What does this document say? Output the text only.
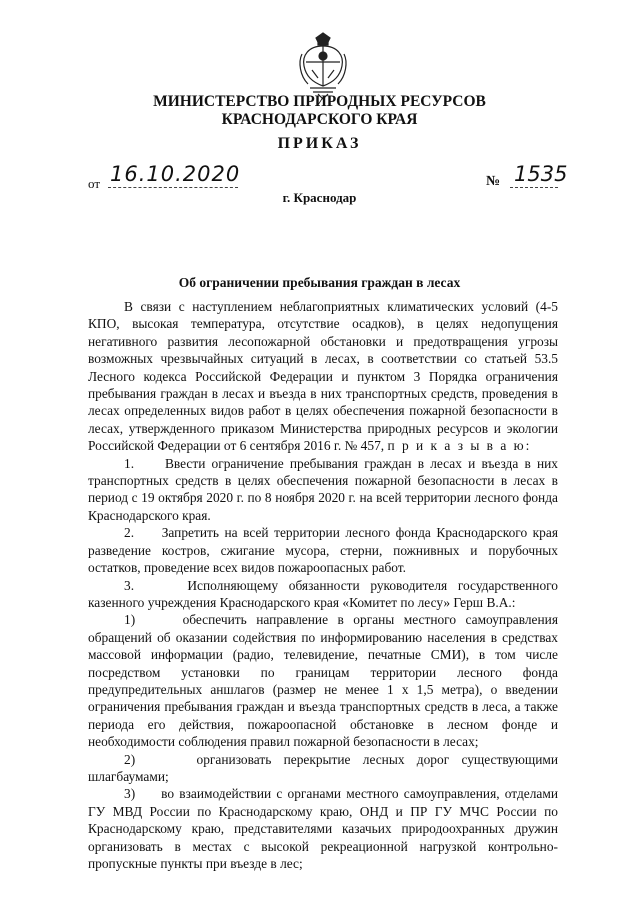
МИНИСТЕРСТВО ПРИРОДНЫХ РЕСУРСОВ
КРАСНОДАРСКОГО КРАЯ
ПРИКАЗ
от 16.10.2020	№ 1535
г. Краснодар
Об ограничении пребывания граждан в лесах

В связи с наступлением неблагоприятных климатических условий (4-5 КПО, высокая температура, отсутствие осадков), в целях недопущения негативного развития лесопожарной обстановки и предотвращения угрозы возможных чрезвычайных ситуаций в лесах, в соответствии со статьей 53.5 Лесного кодекса Российской Федерации и пунктом 3 Порядка ограничения пребывания граждан в лесах и въезда в них транспортных средств, проведения в лесах определенных видов работ в целях обеспечения пожарной безопасности в лесах, утвержденного приказом Министерства природных ресурсов и экологии Российской Федерации от 6 сентября 2016 г. № 457, п р и к а з ы в а ю:

1.     Ввести ограничение пребывания граждан в лесах и въезда в них транспортных средств в целях обеспечения пожарной безопасности в лесах в период с 19 октября 2020 г. по 8 ноября 2020 г. на всей территории лесного фонда Краснодарского края.

2.     Запретить на всей территории лесного фонда Краснодарского края разведение костров, сжигание мусора, стерни, пожнивных и порубочных остатков, проведение всех видов пожароопасных работ.

3.     Исполняющему обязанности руководителя государственного казенного учреждения Краснодарского края «Комитет по лесу» Герш В.А.:

1)     обеспечить направление в органы местного самоуправления обращений об оказании содействия по информированию населения в средствах массовой информации (радио, телевидение, печатные СМИ), в том числе посредством установки по границам территории лесного фонда предупредительных аншлагов (размер не менее 1 х 1,5 метра), о введении ограничения пребывания граждан и въезда транспортных средств в леса, а также периода его действия, пожароопасной обстановке в лесном фонде и необходимости соблюдения правил пожарной безопасности в лесах;

2)     организовать перекрытие лесных дорог существующими шлагбаумами;

3)     во взаимодействии с органами местного самоуправления, отделами ГУ МВД России по Краснодарскому краю, ОНД и ПР ГУ МЧС России по Краснодарскому краю, представителями казачьих природоохранных дружин организовать в местах с высокой рекреационной нагрузкой контрольно-пропускные пункты при въезде в лес;
